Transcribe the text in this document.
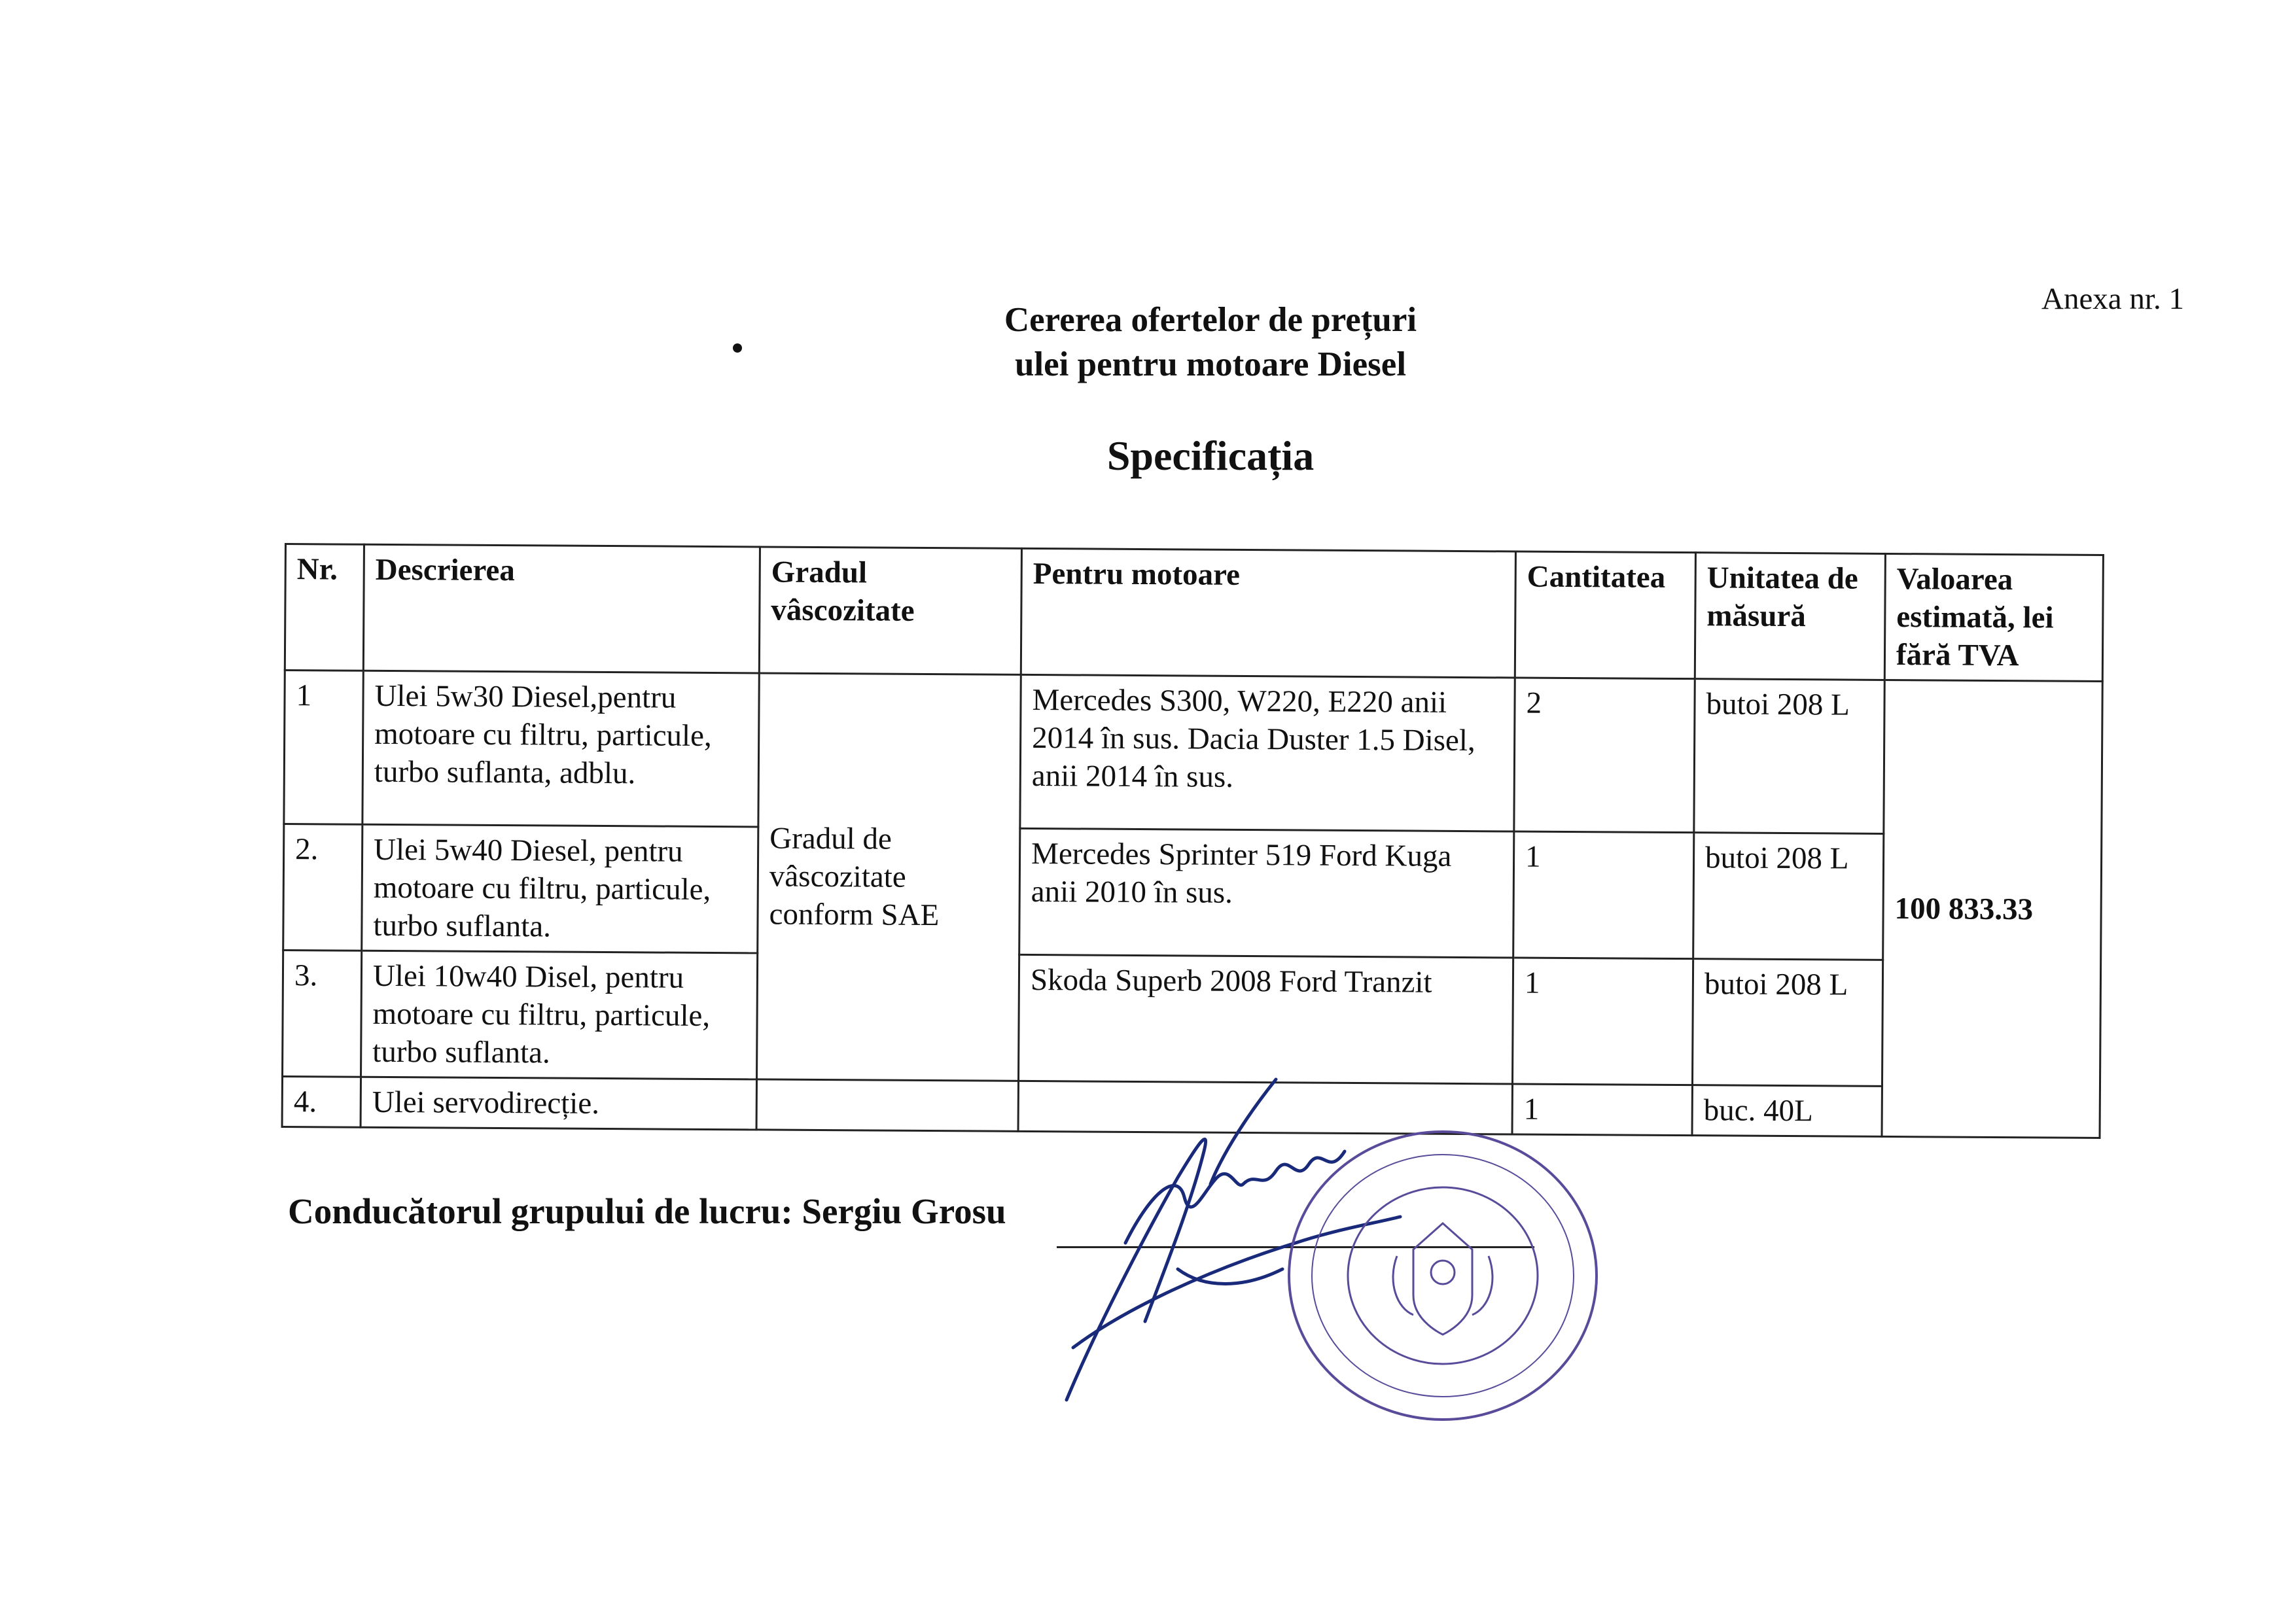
Anexa nr. 1
Cererea ofertelor de prețuri
ulei pentru motoare Diesel
Specificația
Nr.	Descrierea	Gradul vâscozitate	Pentru motoare	Cantitatea	Unitatea de măsură	Valoarea estimată, lei fără TVA
1	Ulei 5w30 Diesel,pentru motoare cu filtru, particule, turbo suflanta, adblu.	Gradul de vâscozitate conform SAE	Mercedes S300, W220, E220 anii 2014 în sus. Dacia Duster 1.5 Disel, anii 2014 în sus.	2	butoi 208 L	100 833.33
2.	Ulei 5w40 Diesel, pentru motoare cu filtru, particule, turbo suflanta.		Mercedes Sprinter 519 Ford Kuga anii 2010 în sus.	1	butoi 208 L	
3.	Ulei 10w40 Disel, pentru motoare cu filtru, particule, turbo suflanta.		Skoda Superb 2008 Ford Tranzit	1	butoi 208 L	
4.	Ulei servodirecție.			1	buc. 40L	
Conducătorul grupului de lucru: Sergiu Grosu
